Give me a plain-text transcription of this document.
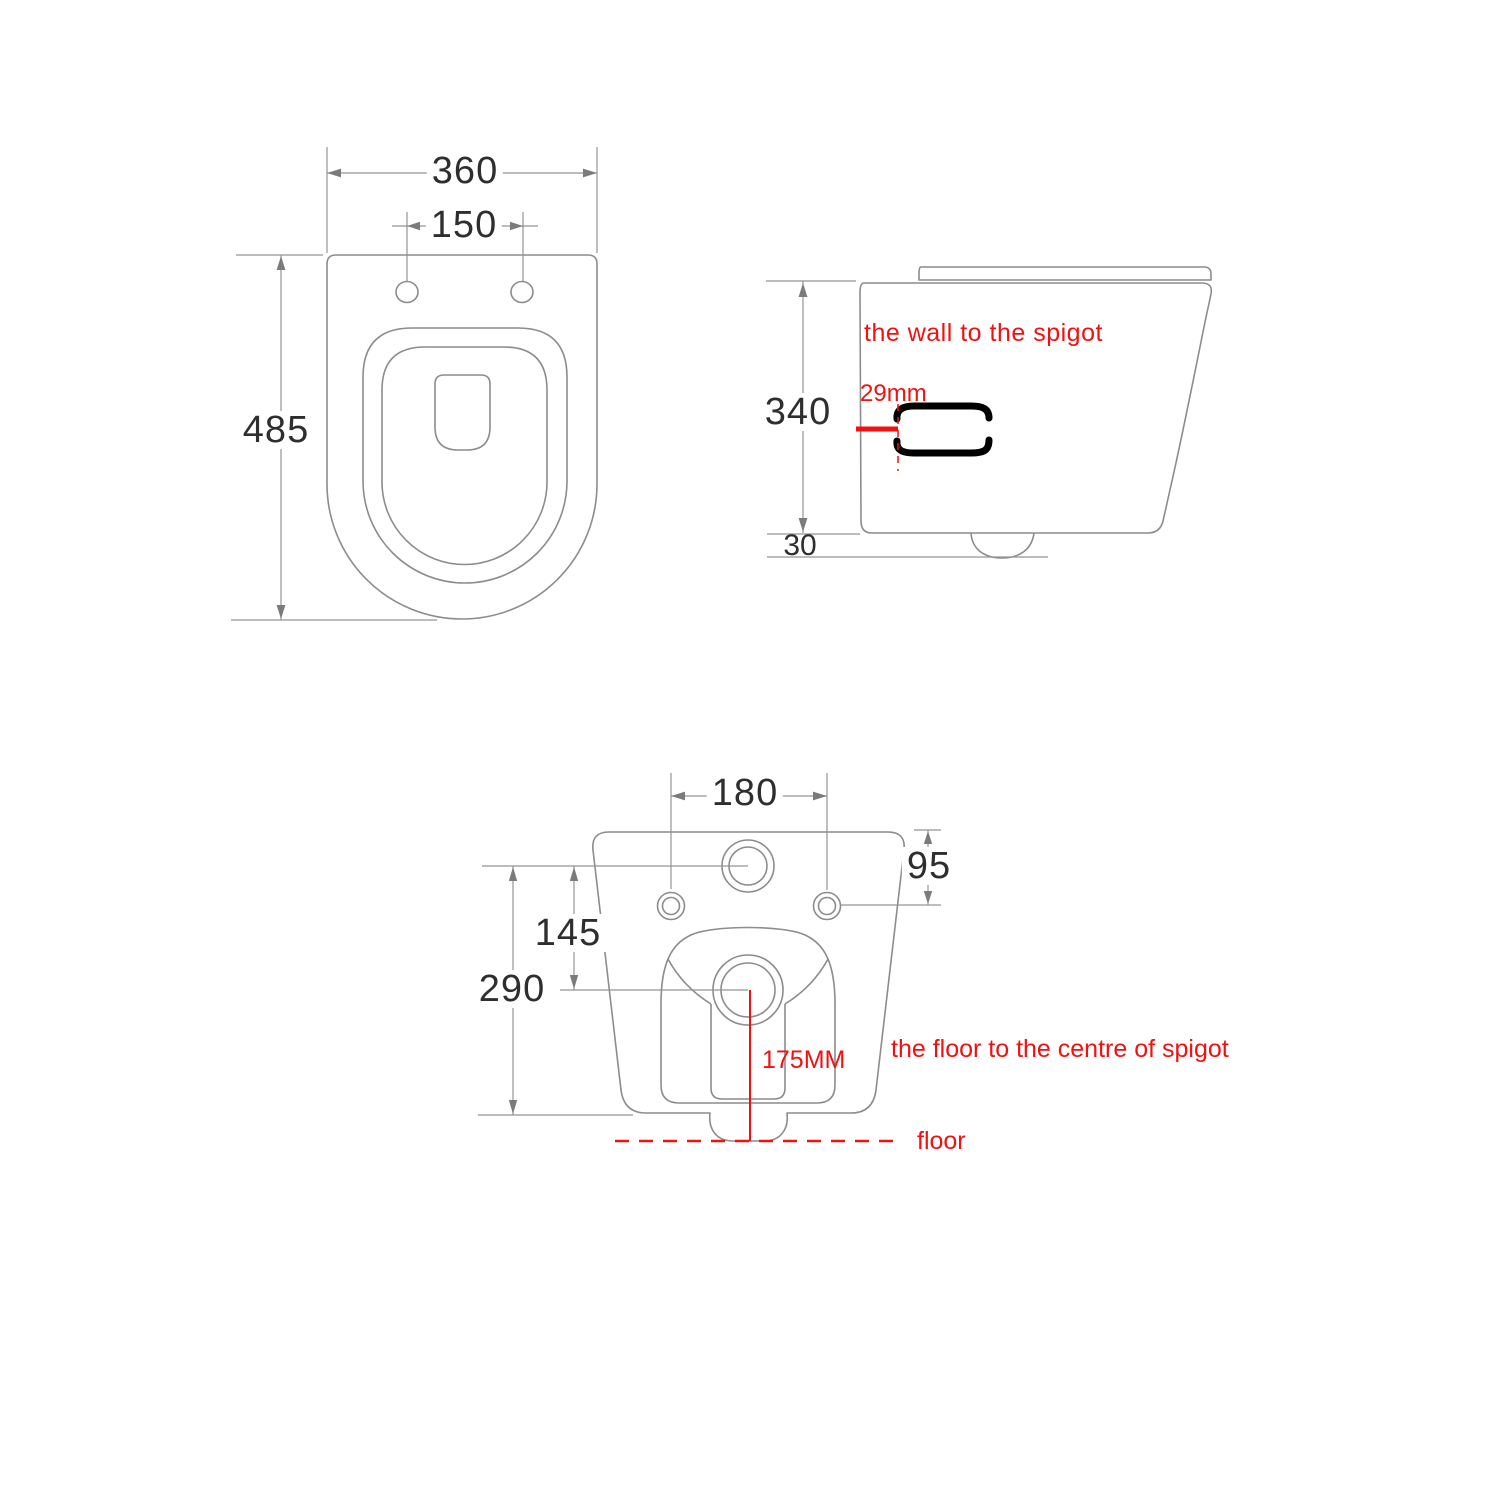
360
150
485	340
30
the wall to the spigot
29mm
180
95
145
290
175MM the floor to the centre of spigot
floor
